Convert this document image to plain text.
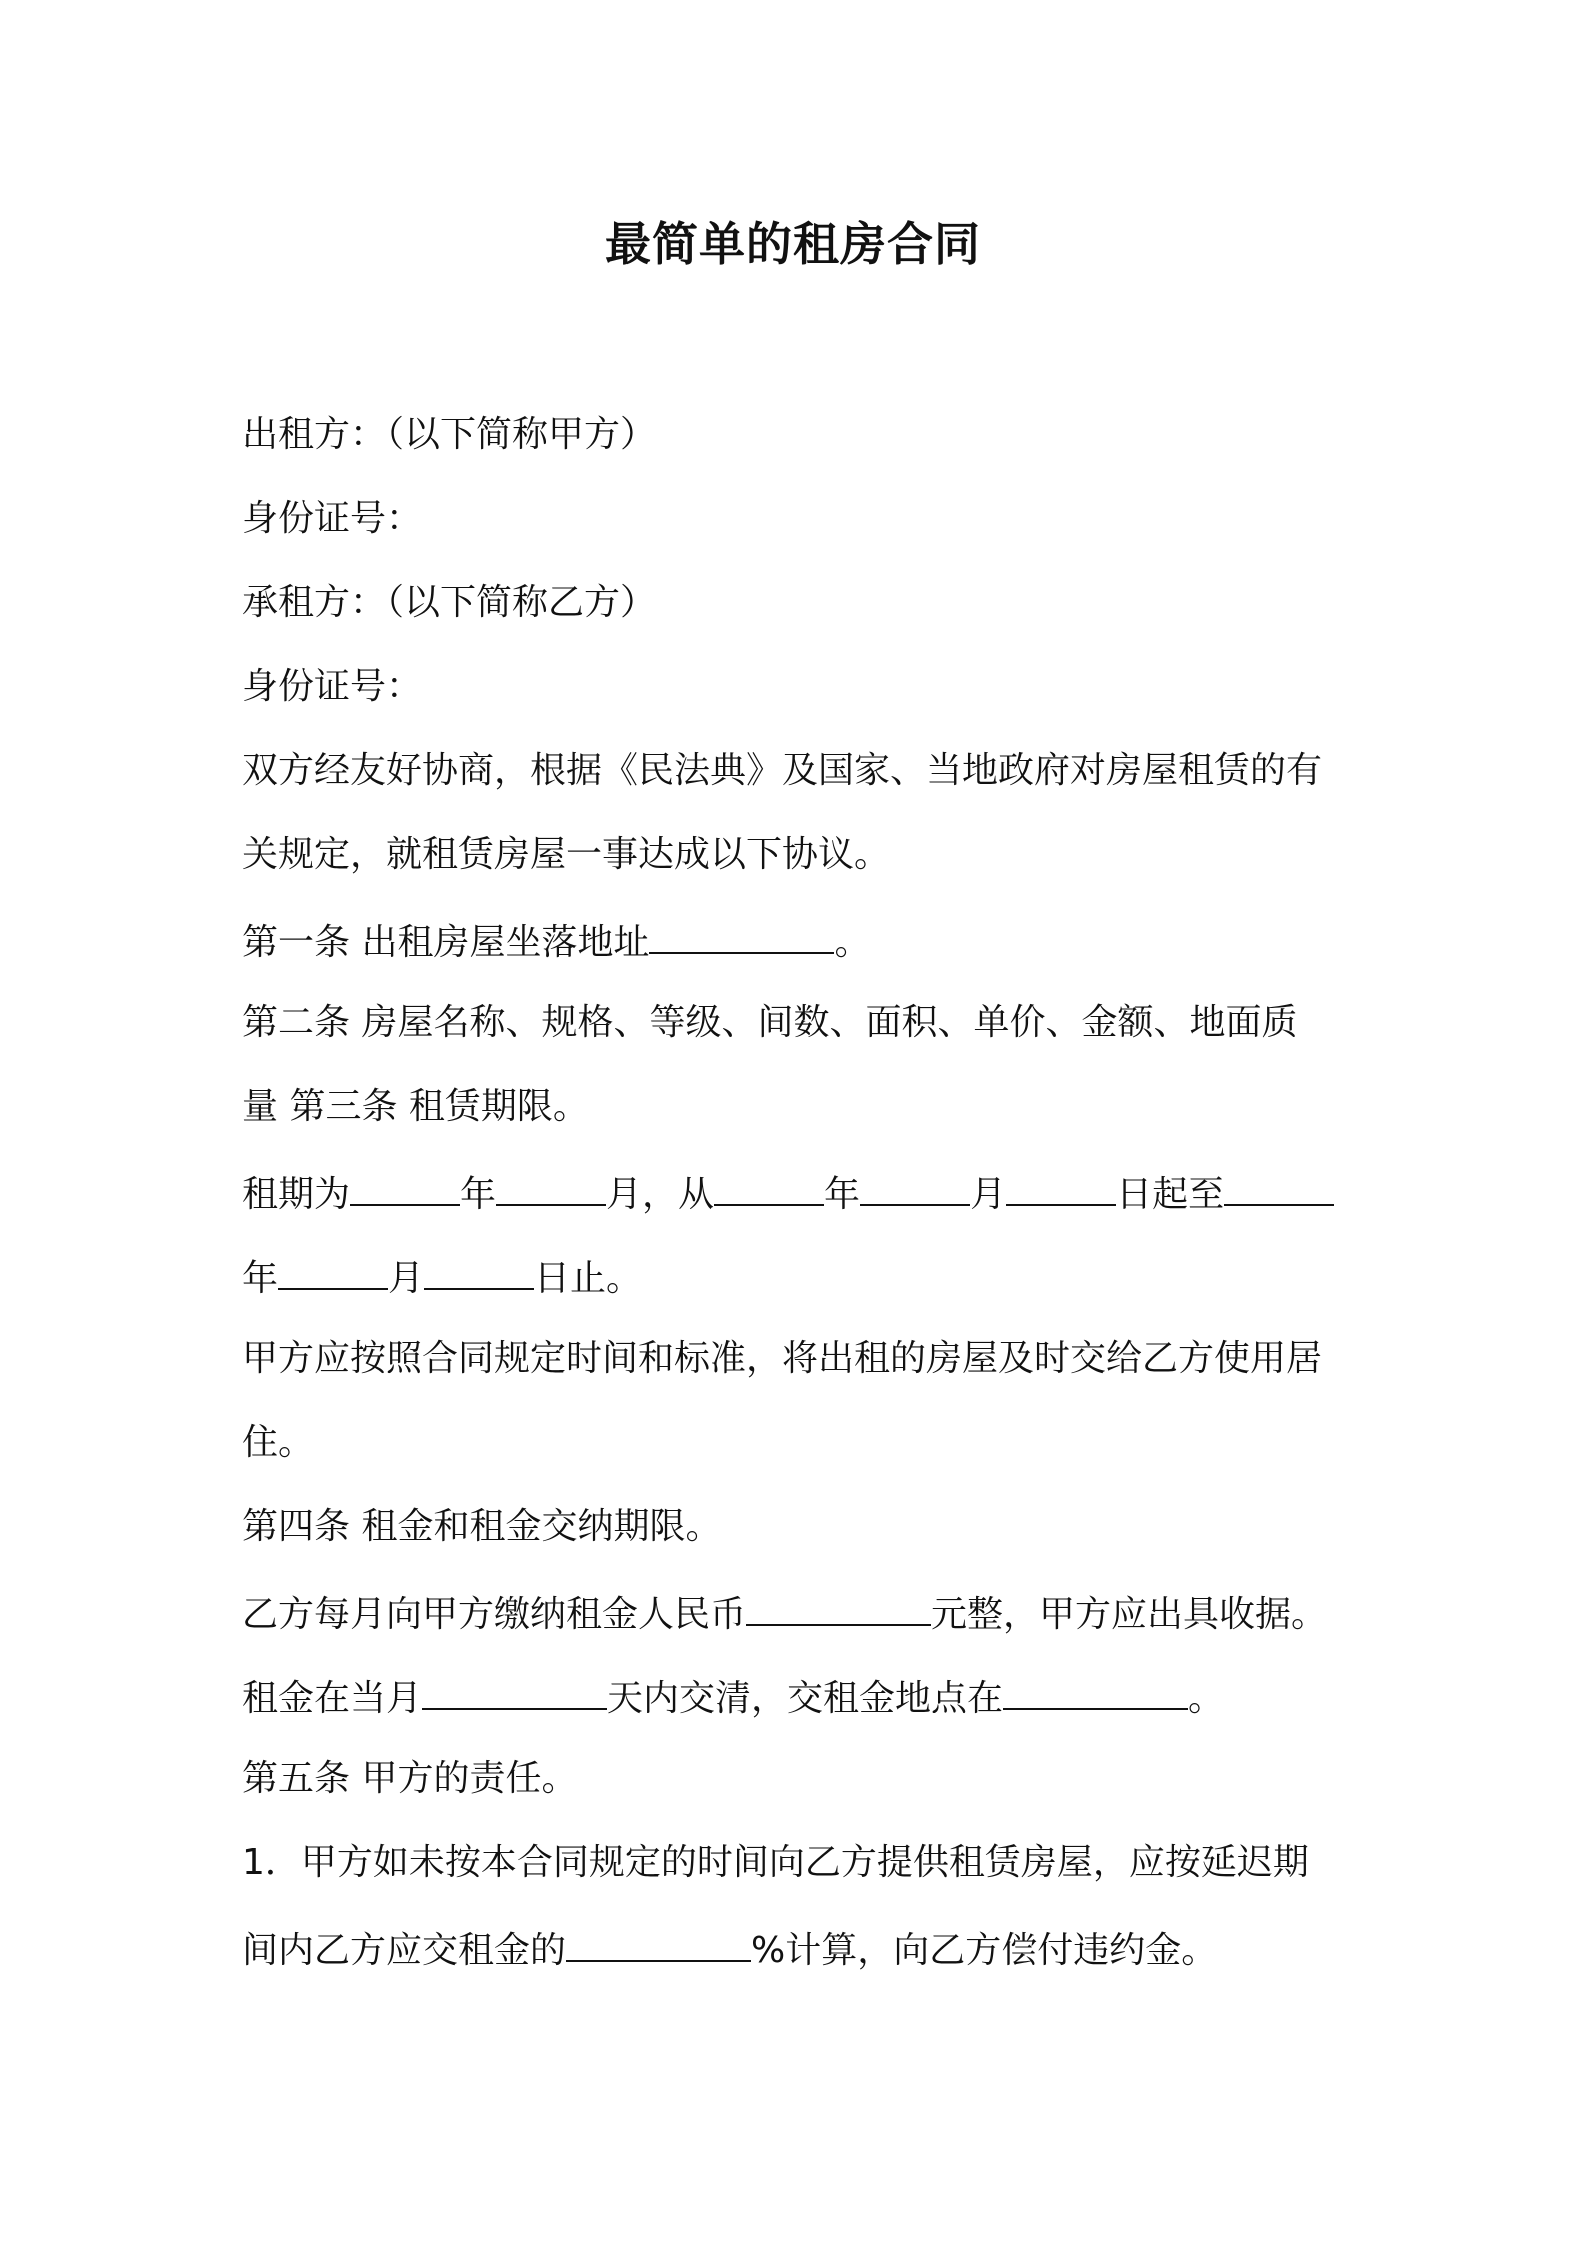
最简单的租房合同
出租方：（以下简称甲方）
身份证号：
承租方：（以下简称乙方）
身份证号：
双方经友好协商，根据《民法典》及国家、当地政府对房屋租赁的有
关规定，就租赁房屋一事达成以下协议。
第一条 出租房屋坐落地址	。
第二条 房屋名称、规格、等级、间数、面积、单价、金额、地面质
量 第三条 租赁期限。
租期为	年	月，从	年	月	日起至
年	月	日止。
甲方应按照合同规定时间和标准，将出租的房屋及时交给乙方使用居
住。
第四条 租金和租金交纳期限。
乙方每月向甲方缴纳租金人民币	元整，甲方应出具收据。
租金在当月	天内交清，交租金地点在	。
第五条 甲方的责任。
1．甲方如未按本合同规定的时间向乙方提供租赁房屋，应按延迟期
间内乙方应交租金的	%计算，向乙方偿付违约金。
